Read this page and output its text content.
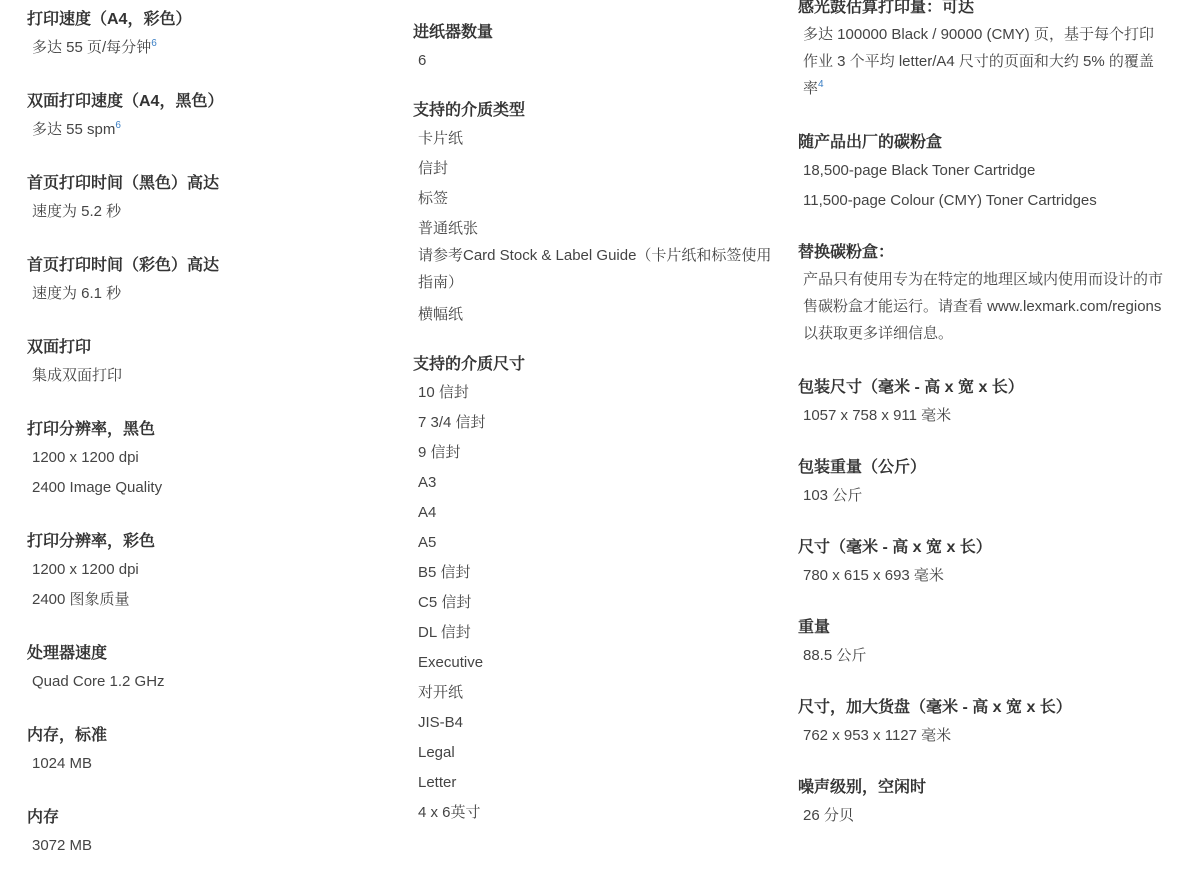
打印速度（A4，彩色）
多达 55 页/每分钟$^6$
双面打印速度（A4，黑色）
多达 55 spm$^6$
首页打印时间（黑色）高达
速度为 5.2 秒
首页打印时间（彩色）高达
速度为 6.1 秒
双面打印
集成双面打印
打印分辨率，黑色
1200 x 1200 dpi
2400 Image Quality
打印分辨率，彩色
1200 x 1200 dpi
2400 图象质量
处理器速度
Quad Core 1.2 GHz
内存，标准
1024 MB
内存
3072 MB
进纸器数量
6
支持的介质类型
卡片纸
信封
标签
普通纸张
请参考Card Stock & Label Guide（卡片纸和标签使用指南）
横幅纸
支持的介质尺寸
10 信封
7 3/4 信封
9 信封
A3
A4
A5
B5 信封
C5 信封
DL 信封
Executive
对开纸
JIS-B4
Legal
Letter
4 x 6英寸
感光鼓估算打印量：可达
多达 100000 Black / 90000 (CMY) 页，基于每个打印作业 3 个平均 letter/A4 尺寸的页面和大约 5% 的覆盖率$^4$
随产品出厂的碳粉盒
18,500-page Black Toner Cartridge
11,500-page Colour (CMY) Toner Cartridges
替换碳粉盒：
产品只有使用专为在特定的地理区域内使用而设计的市售碳粉盒才能运行。请查看 www.lexmark.com/regions 以获取更多详细信息。
包装尺寸（毫米 - 高 x 宽 x 长）
1057 x 758 x 911 毫米
包装重量（公斤）
103 公斤
尺寸（毫米 - 高 x 宽 x 长）
780 x 615 x 693 毫米
重量
88.5 公斤
尺寸，加大货盘（毫米 - 高 x 宽 x 长）
762 x 953 x 1127 毫米
噪声级别，空闲时
26 分贝
